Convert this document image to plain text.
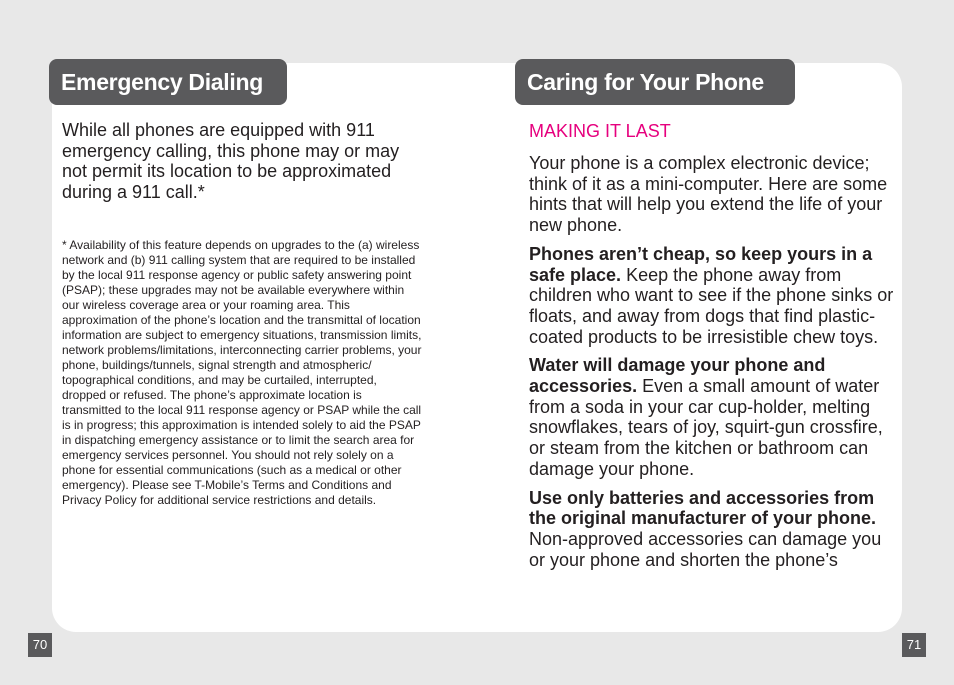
Emergency Dialing	Caring for Your Phone

While all phones are equipped with 911 emergency calling, this phone may or may not permit its location to be approximated during a 911 call.*

* Availability of this feature depends on upgrades to the (a) wireless network and (b) 911 calling system that are required to be installed by the local 911 response agency or public safety answering point (PSAP); these upgrades may not be available everywhere within our wireless coverage area or your roaming area. This approximation of the phone’s location and the transmittal of location information are subject to emergency situations, transmission limits, network problems/limitations, interconnecting carrier problems, your phone, buildings/tunnels, signal strength and atmospheric/ topographical conditions, and may be curtailed, interrupted, dropped or refused. The phone’s approximate location is transmitted to the local 911 response agency or PSAP while the call is in progress; this approximation is intended solely to aid the PSAP in dispatching emergency assistance or to limit the search area for emergency services personnel. You should not rely solely on a phone for essential communications (such as a medical or other emergency). Please see T-Mobile’s Terms and Conditions and Privacy Policy for additional service restrictions and details.

MAKING IT LAST

Your phone is a complex electronic device; think of it as a mini-computer. Here are some hints that will help you extend the life of your new phone.

Phones aren’t cheap, so keep yours in a safe place. Keep the phone away from children who want to see if the phone sinks or floats, and away from dogs that find plastic-coated products to be irresistible chew toys.

Water will damage your phone and accessories. Even a small amount of water from a soda in your car cup-holder, melting snowflakes, tears of joy, squirt-gun crossfire, or steam from the kitchen or bathroom can damage your phone.

Use only batteries and accessories from the original manufacturer of your phone. Non-approved accessories can damage you or your phone and shorten the phone’s

70	71
